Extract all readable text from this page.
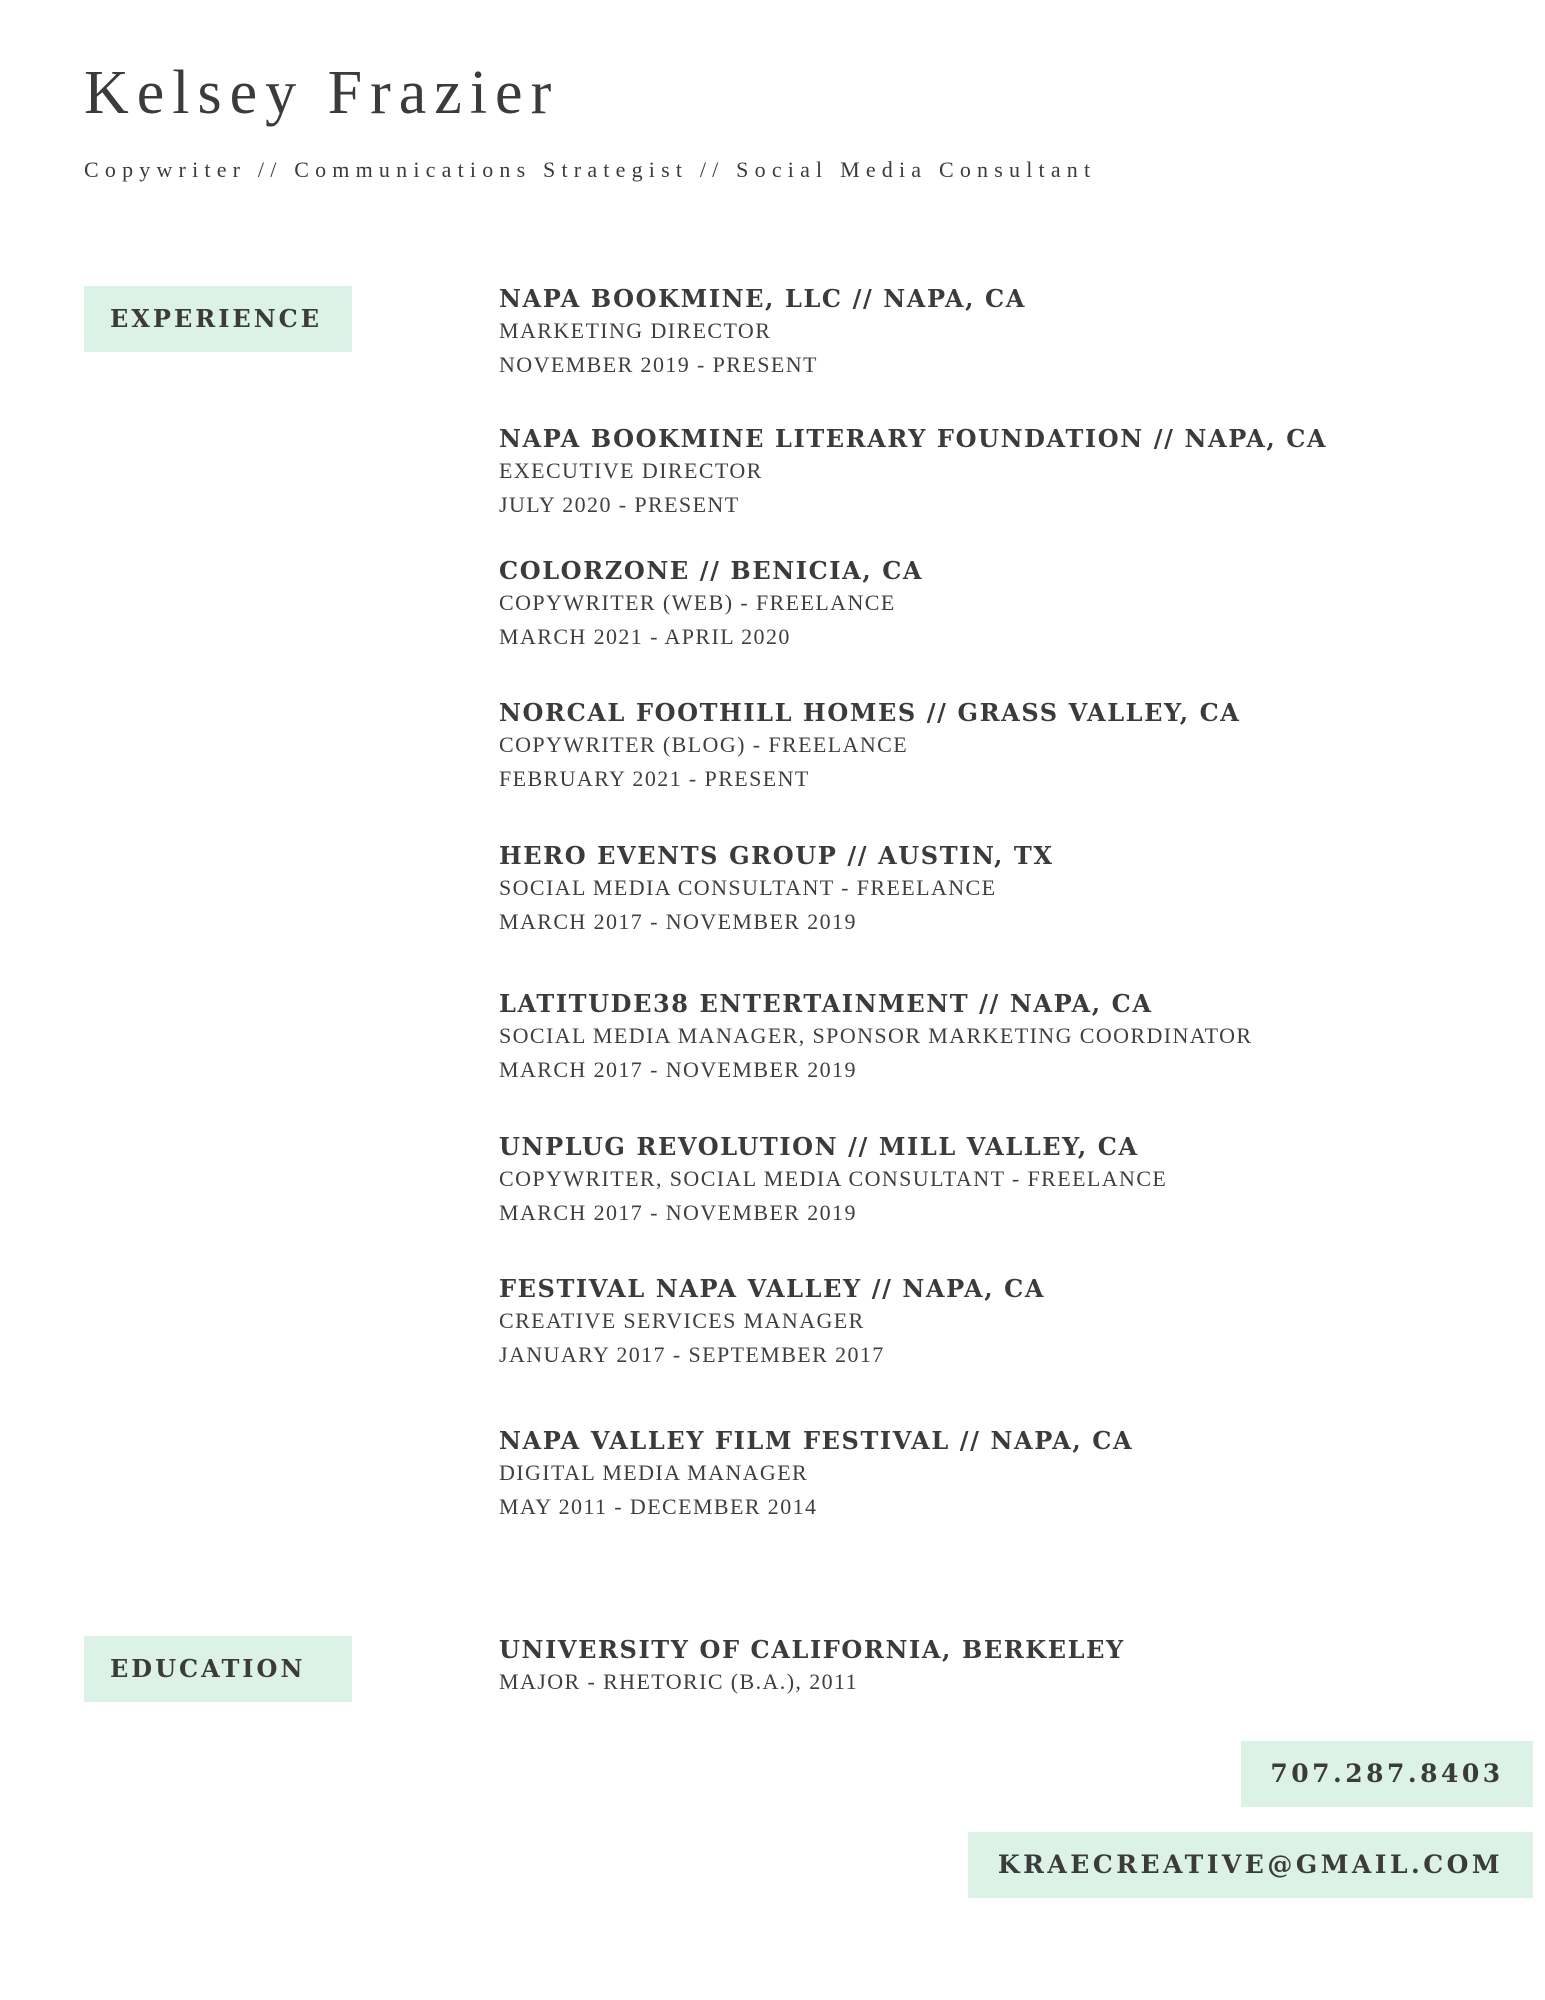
Kelsey Frazier
Copywriter // Communications Strategist // Social Media Consultant
EXPERIENCE
NAPA BOOKMINE, LLC // NAPA, CA
MARKETING DIRECTOR
NOVEMBER 2019 - PRESENT
NAPA BOOKMINE LITERARY FOUNDATION // NAPA, CA
EXECUTIVE DIRECTOR
JULY 2020 - PRESENT
COLORZONE // BENICIA, CA
COPYWRITER (WEB) - FREELANCE
MARCH 2021 - APRIL 2020
NORCAL FOOTHILL HOMES // GRASS VALLEY, CA
COPYWRITER (BLOG) - FREELANCE
FEBRUARY 2021 - PRESENT
HERO EVENTS GROUP // AUSTIN, TX
SOCIAL MEDIA CONSULTANT - FREELANCE
MARCH 2017 - NOVEMBER 2019
LATITUDE38 ENTERTAINMENT // NAPA, CA
SOCIAL MEDIA MANAGER, SPONSOR MARKETING COORDINATOR
MARCH 2017 - NOVEMBER 2019
UNPLUG REVOLUTION // MILL VALLEY, CA
COPYWRITER, SOCIAL MEDIA CONSULTANT - FREELANCE
MARCH 2017 - NOVEMBER 2019
FESTIVAL NAPA VALLEY // NAPA, CA
CREATIVE SERVICES MANAGER
JANUARY 2017 - SEPTEMBER 2017
NAPA VALLEY FILM FESTIVAL // NAPA, CA
DIGITAL MEDIA MANAGER
MAY 2011 - DECEMBER 2014
EDUCATION
UNIVERSITY OF CALIFORNIA, BERKELEY
MAJOR - RHETORIC (B.A.), 2011
707.287.8403
KRAECREATIVE@GMAIL.COM
